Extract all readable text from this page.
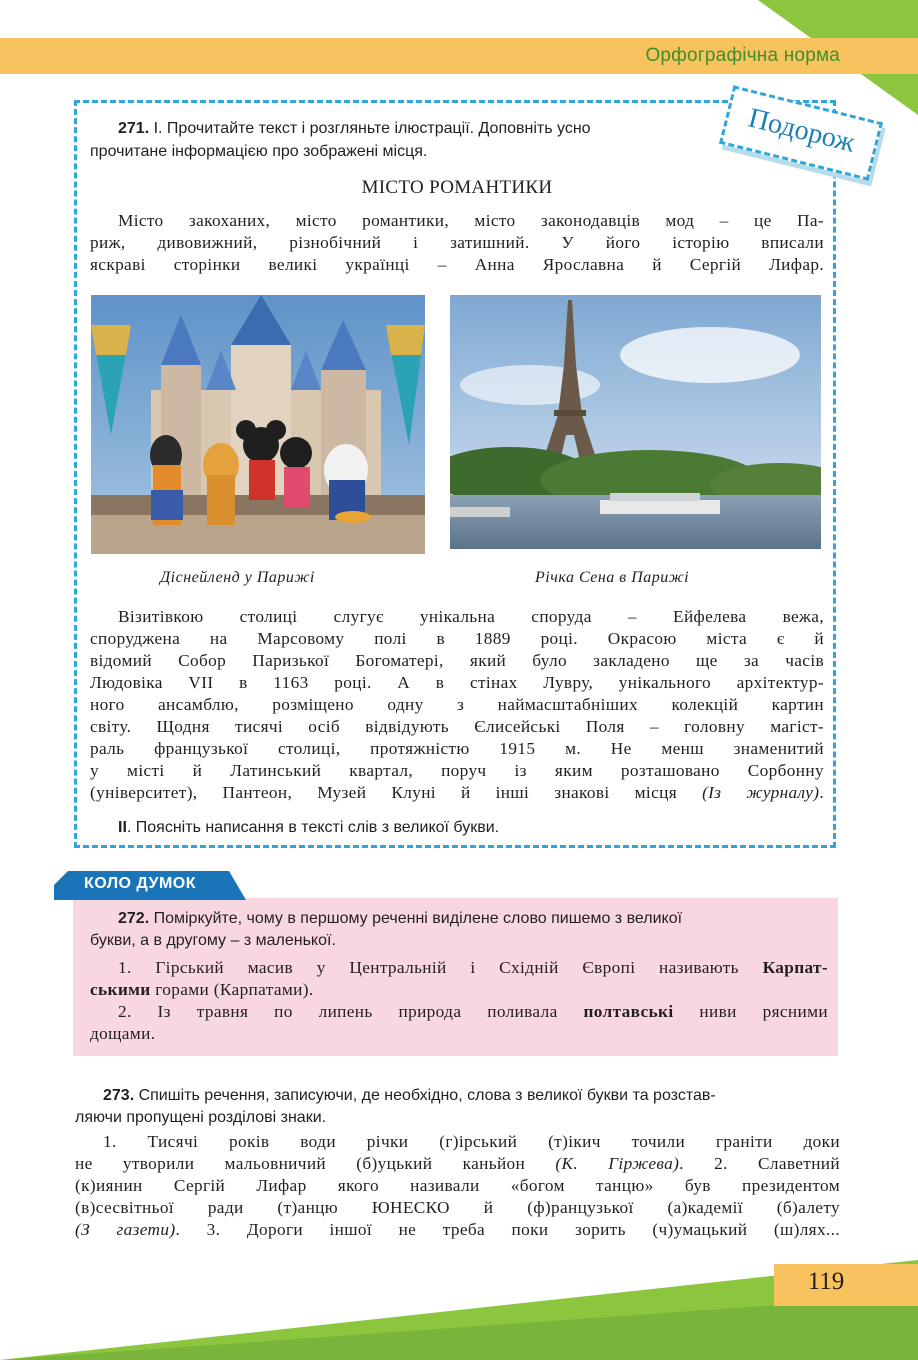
Орфографічна норма
Подорож
271. І. Прочитайте текст і розгляньте ілюстрації. Доповніть усно
прочитане інформацією про зображені місця.
МІСТО РОМАНТИКИ
Місто закоханих, місто романтики, місто законодавців мод – це Па-
риж, дивовижний, різнобічний і затишний. У його історію вписали
яскраві сторінки великі українці – Анна Ярославна й Сергій Лифар.
Діснейленд у Парижі	Річка Сена в Парижі
Візитівкою столиці слугує унікальна споруда – Ейфелева вежа,
споруджена на Марсовому полі в 1889 році. Окрасою міста є й
відомий Собор Паризької Богоматері, який було закладено ще за часів
Людовіка VII в 1163 році. А в стінах Лувру, унікального архітектур-
ного ансамблю, розміщено одну з наймасштабніших колекцій картин
світу. Щодня тисячі осіб відвідують Єлисейські Поля – головну магіст-
раль французької столиці, протяжністю 1915 м. Не менш знаменитий
у місті й Латинський квартал, поруч із яким розташовано Сорбонну
(університет), Пантеон, Музей Клуні й інші знакові місця (Із журналу).
II. Поясніть написання в тексті слів з великої букви.
КОЛО ДУМОК
272. Поміркуйте, чому в першому реченні виділене слово пишемо з великої
букви, а в другому – з маленької.
1. Гірський масив у Центральній і Східній Європі називають Карпат-
ськими горами (Карпатами).
2. Із травня по липень природа поливала полтавські ниви рясними
дощами.
273. Спишіть речення, записуючи, де необхідно, слова з великої букви та розстав-
ляючи пропущені розділові знаки.
1. Тисячі років води річки (г)ірський (т)ікич точили граніти доки
не утворили мальовничий (б)уцький каньйон (К. Гіржева). 2. Славетний
(к)иянин Сергій Лифар якого називали «богом танцю» був президентом
(в)сесвітньої ради (т)анцю ЮНЕСКО й (ф)ранцузької (а)кадемії (б)алету
(З газети). 3. Дороги іншої не треба поки зорить (ч)умацький (ш)лях...
119
